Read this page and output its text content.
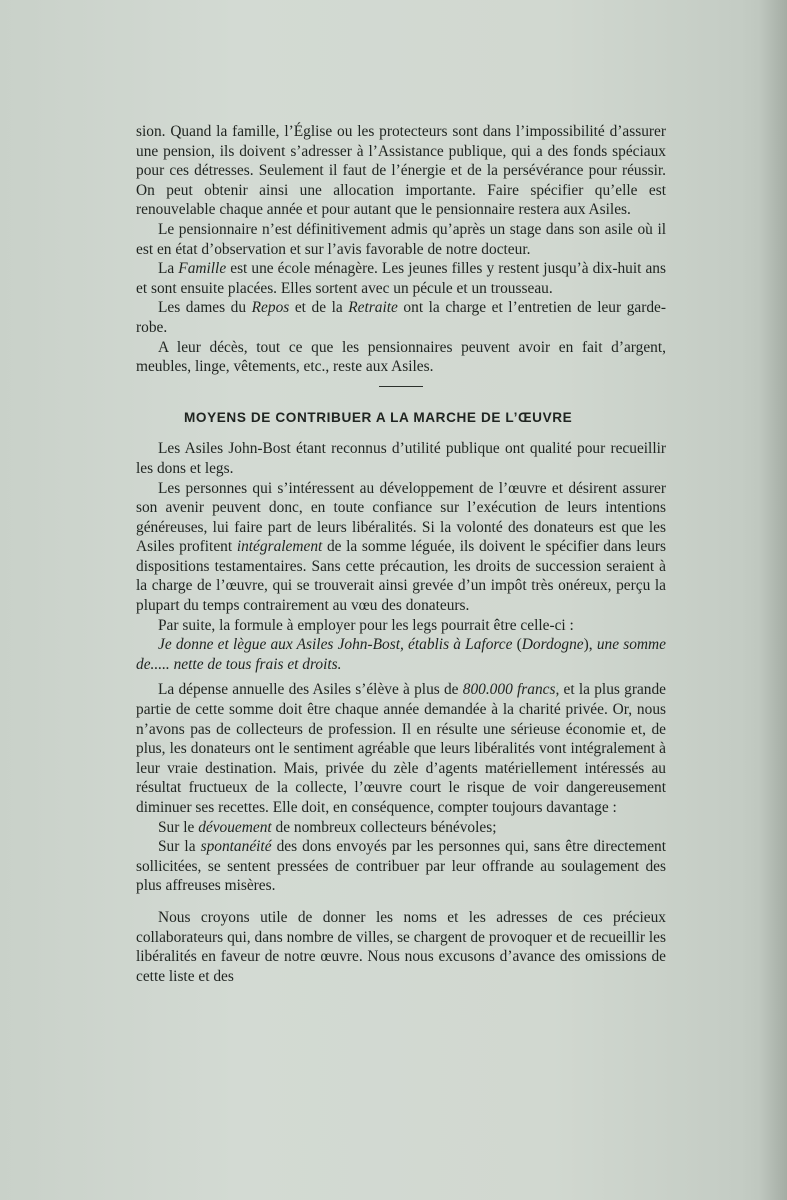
sion. Quand la famille, l’Église ou les protecteurs sont dans l’impossibilité d’assurer une pension, ils doivent s’adresser à l’Assistance publique, qui a des fonds spéciaux pour ces détresses. Seulement il faut de l’énergie et de la persévérance pour réussir. On peut obtenir ainsi une allocation importante. Faire spécifier qu’elle est renouvelable chaque année et pour autant que le pensionnaire restera aux Asiles.

Le pensionnaire n’est définitivement admis qu’après un stage dans son asile où il est en état d’observation et sur l’avis favorable de notre docteur.

La Famille est une école ménagère. Les jeunes filles y restent jusqu’à dix-huit ans et sont ensuite placées. Elles sortent avec un pécule et un trousseau.

Les dames du Repos et de la Retraite ont la charge et l’entretien de leur garde-robe.

A leur décès, tout ce que les pensionnaires peuvent avoir en fait d’argent, meubles, linge, vêtements, etc., reste aux Asiles.

MOYENS DE CONTRIBUER A LA MARCHE DE L’ŒUVRE

Les Asiles John-Bost étant reconnus d’utilité publique ont qualité pour recueillir les dons et legs.

Les personnes qui s’intéressent au développement de l’œuvre et désirent assurer son avenir peuvent donc, en toute confiance sur l’exécution de leurs intentions généreuses, lui faire part de leurs libéralités. Si la volonté des donateurs est que les Asiles profitent intégralement de la somme léguée, ils doivent le spécifier dans leurs dispositions testamentaires. Sans cette précaution, les droits de succession seraient à la charge de l’œuvre, qui se trouverait ainsi grevée d’un impôt très onéreux, perçu la plupart du temps contrairement au vœu des donateurs.

Par suite, la formule à employer pour les legs pourrait être celle-ci :

Je donne et lègue aux Asiles John-Bost, établis à Laforce (Dordogne), une somme de..... nette de tous frais et droits.

La dépense annuelle des Asiles s’élève à plus de 800.000 francs, et la plus grande partie de cette somme doit être chaque année demandée à la charité privée. Or, nous n’avons pas de collecteurs de profession. Il en résulte une sérieuse économie et, de plus, les donateurs ont le sentiment agréable que leurs libéralités vont intégralement à leur vraie destination. Mais, privée du zèle d’agents matériellement intéressés au résultat fructueux de la collecte, l’œuvre court le risque de voir dangereusement diminuer ses recettes. Elle doit, en conséquence, compter toujours davantage :

Sur le dévouement de nombreux collecteurs bénévoles;

Sur la spontanéité des dons envoyés par les personnes qui, sans être directement sollicitées, se sentent pressées de contribuer par leur offrande au soulagement des plus affreuses misères.

Nous croyons utile de donner les noms et les adresses de ces précieux collaborateurs qui, dans nombre de villes, se chargent de provoquer et de recueillir les libéralités en faveur de notre œuvre. Nous nous excusons d’avance des omissions de cette liste et des
